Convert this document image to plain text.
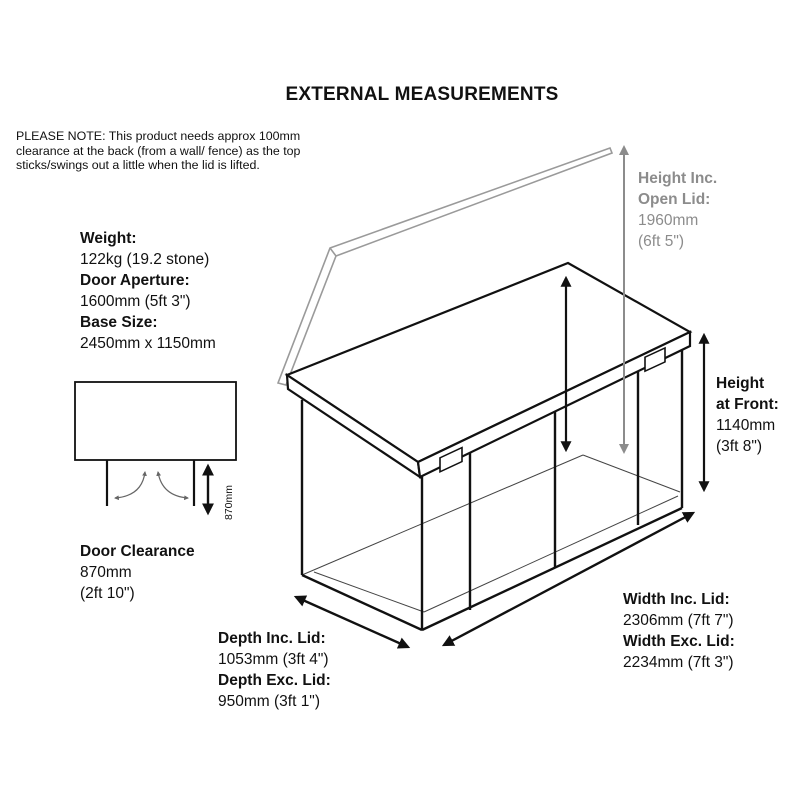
EXTERNAL MEASUREMENTS
PLEASE NOTE: This product needs approx 100mm clearance at the back (from a wall/ fence) as the top sticks/swings out a little when the lid is lifted.
Weight:
122kg (19.2 stone)
Door Aperture:
1600mm (5ft 3")
Base Size:
2450mm x 1150mm
Door Clearance
870mm
(2ft 10")
Height Inc.
Open Lid:
1960mm
(6ft 5")
Height
at Front:
1140mm
(3ft 8")
Width Inc. Lid:
2306mm (7ft 7")
Width Exc. Lid:
2234mm (7ft 3")
Depth Inc. Lid:
1053mm (3ft 4")
Depth Exc. Lid:
950mm (3ft 1")
870mm
